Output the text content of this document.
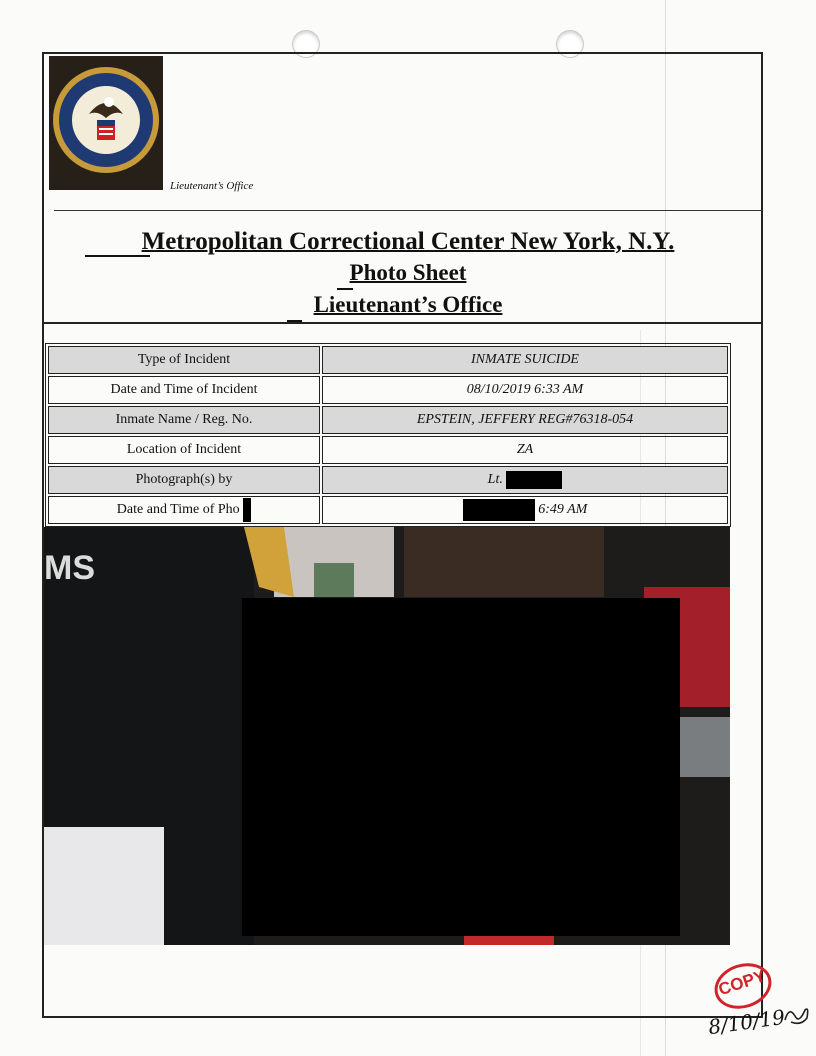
Lieutenant’s Office
Metropolitan Correctional Center New York, N.Y.
Photo Sheet
Lieutenant’s Office
Type of Incident	INMATE SUICIDE
Date and Time of Incident	08/10/2019 6:33 AM
Inmate Name / Reg. No.	EPSTEIN, JEFFERY REG#76318-054
Location of Incident	ZA
Photograph(s) by	Lt.
Date and Time of Pho	6:49 AM
MS
COPY
8/10/19
